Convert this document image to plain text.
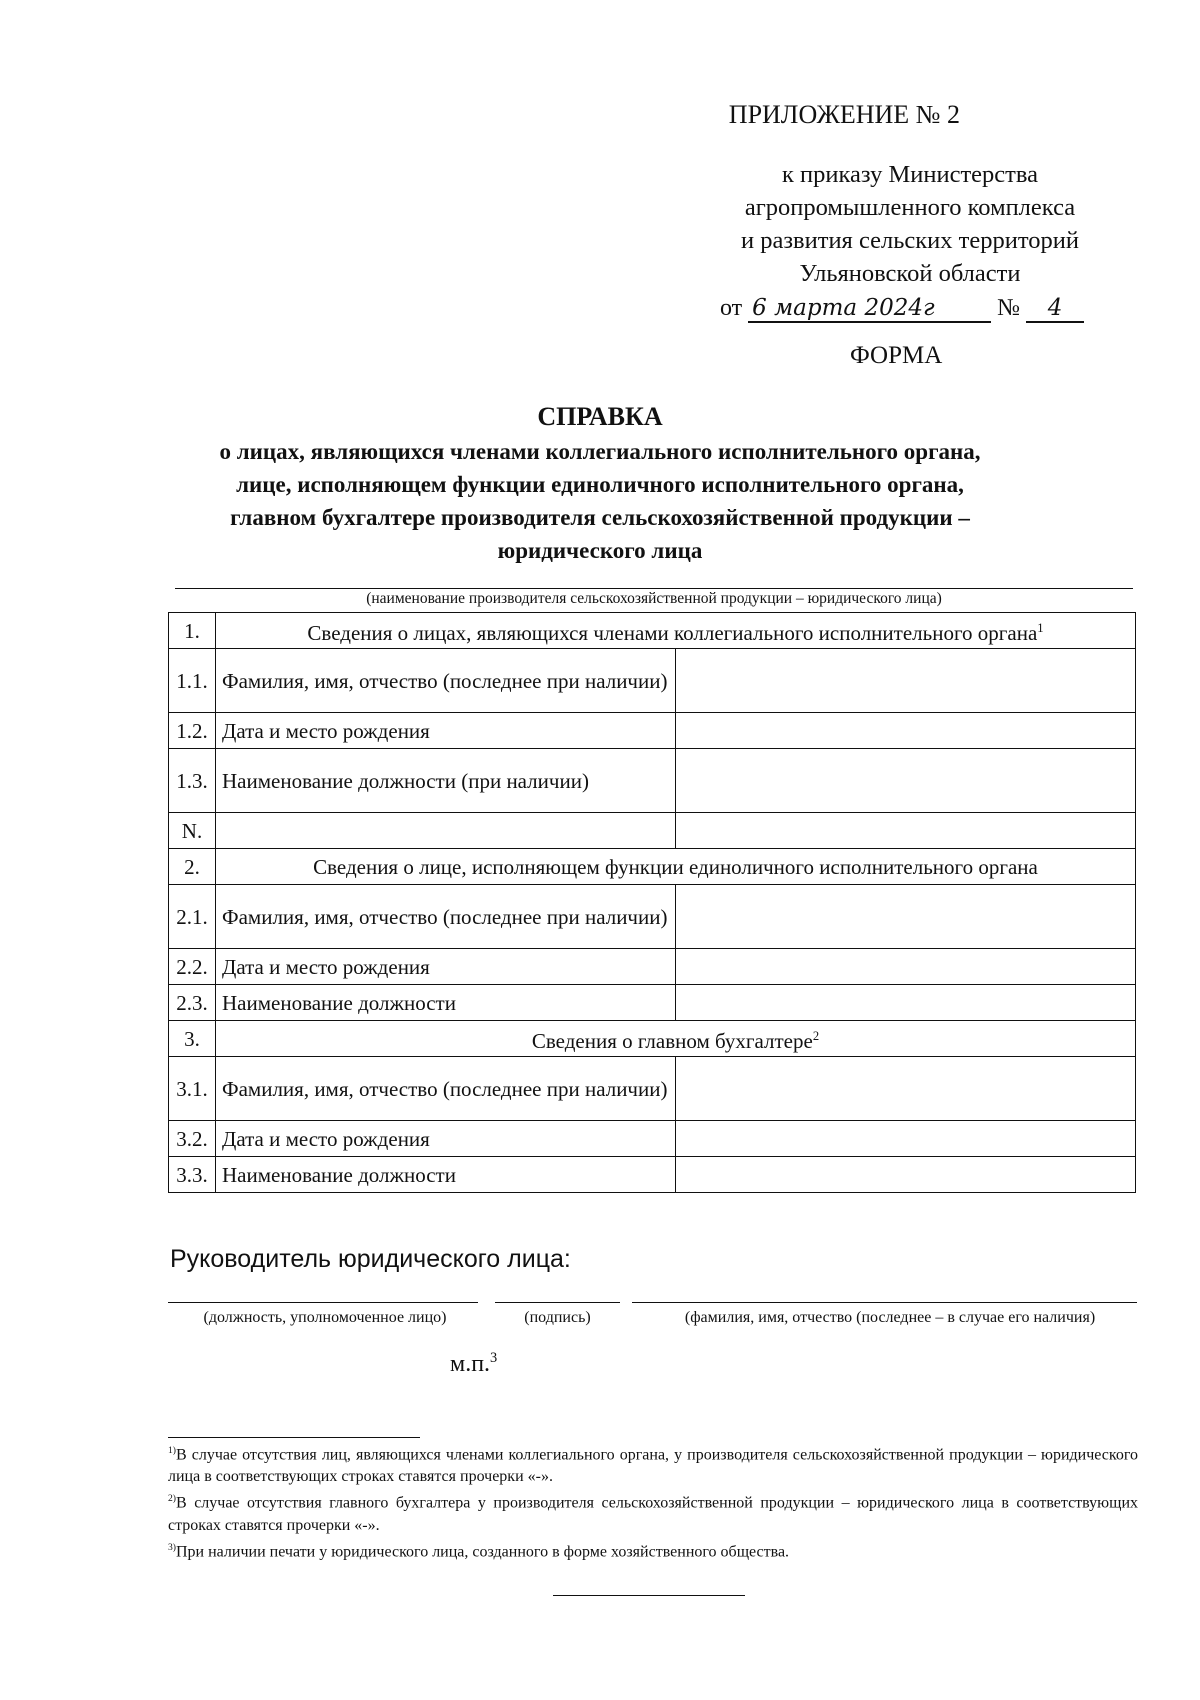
ПРИЛОЖЕНИЕ № 2
к приказу Министерства
агропромышленного комплекса
и развития сельских территорий
Ульяновской области
от 6 марта 2024г	№ 4
ФОРМА
СПРАВКА
о лицах, являющихся членами коллегиального исполнительного органа,
лице, исполняющем функции единоличного исполнительного органа,
главном бухгалтере производителя сельскохозяйственной продукции –
юридического лица
(наименование производителя сельскохозяйственной продукции – юридического лица)
1.	Сведения о лицах, являющихся членами коллегиального исполнительного органа$^1$
1.1.	Фамилия, имя, отчество (последнее при наличии)	
1.2.	Дата и место рождения	
1.3.	Наименование должности (при наличии)	
N.		
2.	Сведения о лице, исполняющем функции единоличного исполнительного органа	
2.1.	Фамилия, имя, отчество (последнее при наличии)	
2.2.	Дата и место рождения	
2.3.	Наименование должности	
3.	Сведения о главном бухгалтере$^2$
3.1.	Фамилия, имя, отчество (последнее при наличии)	
3.2.	Дата и место рождения	
3.3.	Наименование должности	
Руководитель юридического лица:
(должность, уполномоченное лицо)	(подпись)	(фамилия, имя, отчество (последнее – в случае его наличия)
м.п.$^3$

$^{1)}$В случае отсутствия лиц, являющихся членами коллегиального органа, у производителя сельскохозяйственной продукции – юридического лица в соответствующих строках ставятся прочерки «-».

$^{2)}$В случае отсутствия главного бухгалтера у производителя сельскохозяйственной продукции – юридического лица в соответствующих строках ставятся прочерки «-».

$^{3)}$При наличии печати у юридического лица, созданного в форме хозяйственного общества.
